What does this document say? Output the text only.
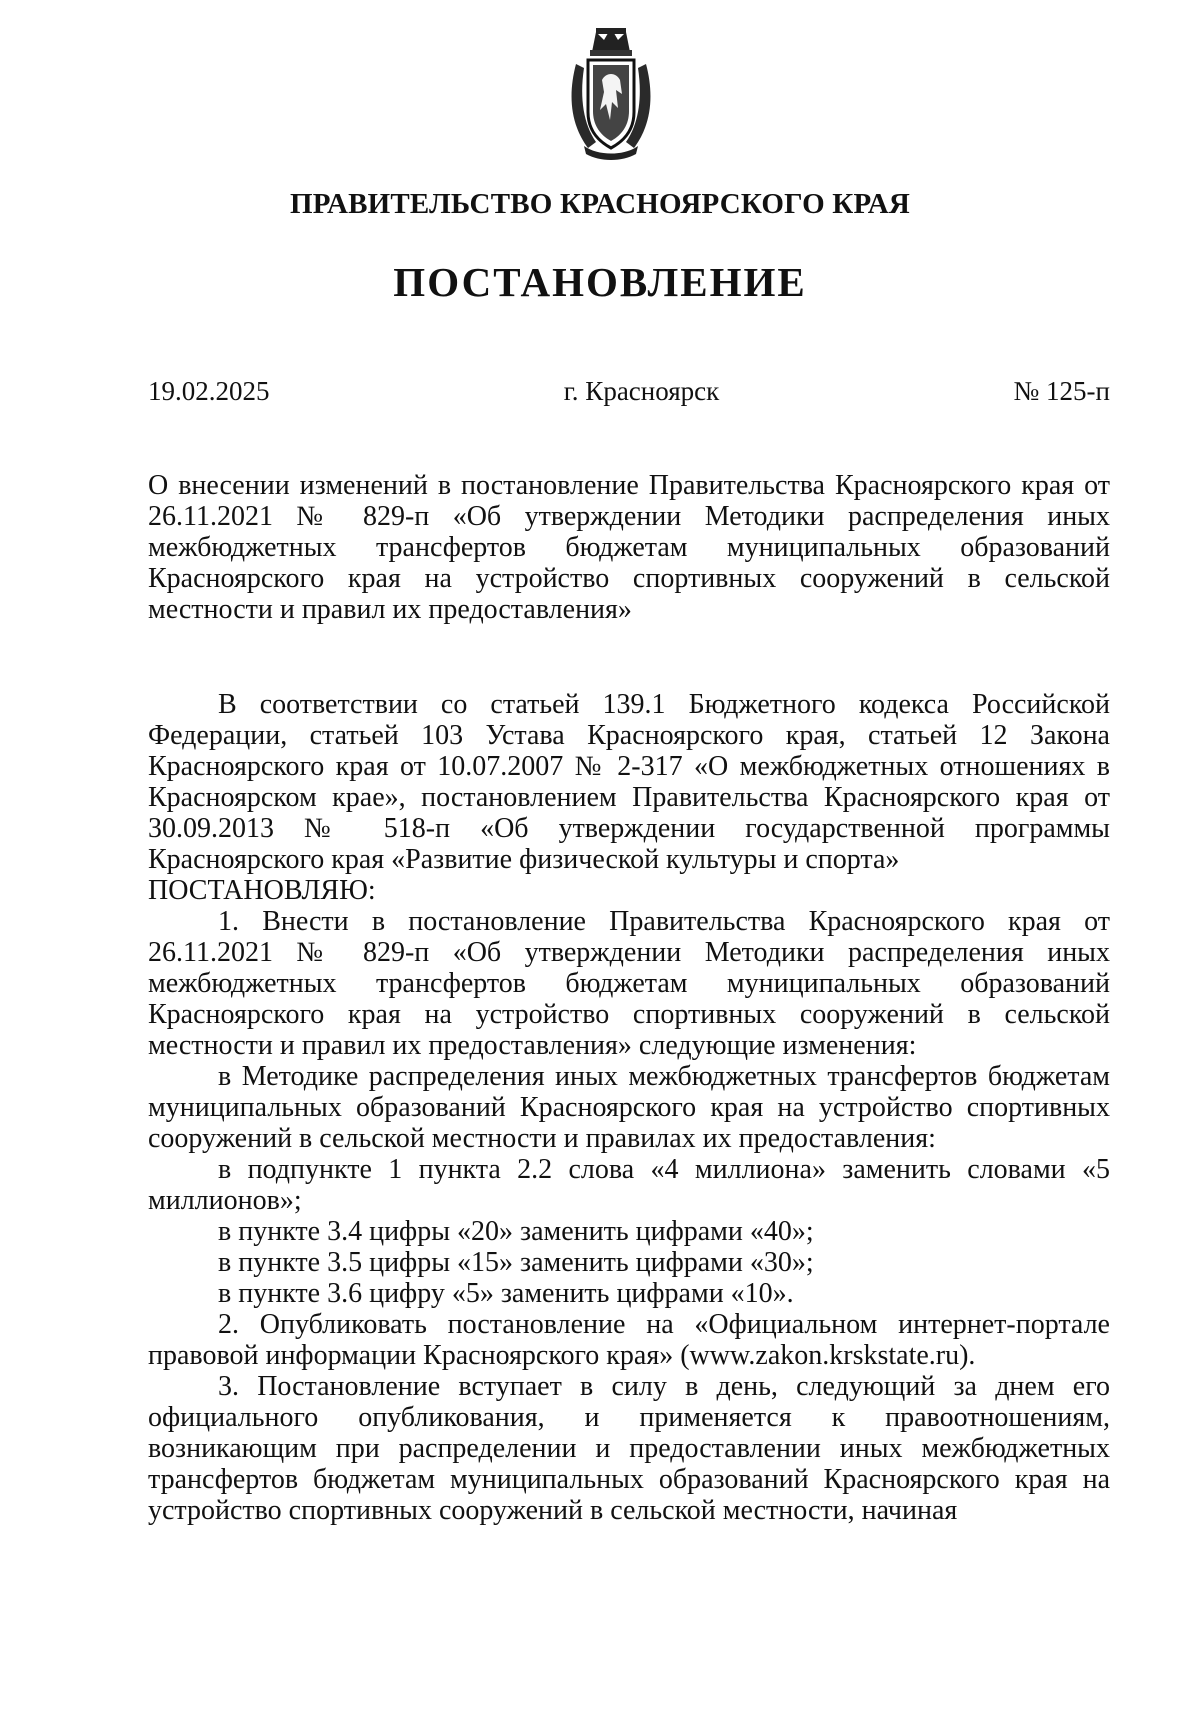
ПРАВИТЕЛЬСТВО КРАСНОЯРСКОГО КРАЯ
ПОСТАНОВЛЕНИЕ
19.02.2025	г. Красноярск	№ 125-п
О внесении изменений в постановление Правительства Красноярского края от 26.11.2021 № 829-п «Об утверждении Методики распределения иных межбюджетных трансфертов бюджетам муниципальных образований Красноярского края на устройство спортивных сооружений в сельской местности и правил их предоставления»

В соответствии со статьей 139.1 Бюджетного кодекса Российской Федерации, статьей 103 Устава Красноярского края, статьей 12 Закона Красноярского края от 10.07.2007 № 2-317 «О межбюджетных отношениях в Красноярском крае», постановлением Правительства Красноярского края от 30.09.2013 № 518-п «Об утверждении государственной программы Красноярского края «Развитие физической культуры и спорта»

ПОСТАНОВЛЯЮ:

1. Внести в постановление Правительства Красноярского края от 26.11.2021 № 829-п «Об утверждении Методики распределения иных межбюджетных трансфертов бюджетам муниципальных образований Красноярского края на устройство спортивных сооружений в сельской местности и правил их предоставления» следующие изменения:

в Методике распределения иных межбюджетных трансфертов бюджетам муниципальных образований Красноярского края на устройство спортивных сооружений в сельской местности и правилах их предоставления:

в подпункте 1 пункта 2.2 слова «4 миллиона» заменить словами «5 миллионов»;

в пункте 3.4 цифры «20» заменить цифрами «40»;

в пункте 3.5 цифры «15» заменить цифрами «30»;

в пункте 3.6 цифру «5» заменить цифрами «10».

2. Опубликовать постановление на «Официальном интернет-портале правовой информации Красноярского края» (www.zakon.krskstate.ru).

3. Постановление вступает в силу в день, следующий за днем его официального опубликования, и применяется к правоотношениям, возникающим при распределении и предоставлении иных межбюджетных трансфертов бюджетам муниципальных образований Красноярского края на устройство спортивных сооружений в сельской местности, начиная
